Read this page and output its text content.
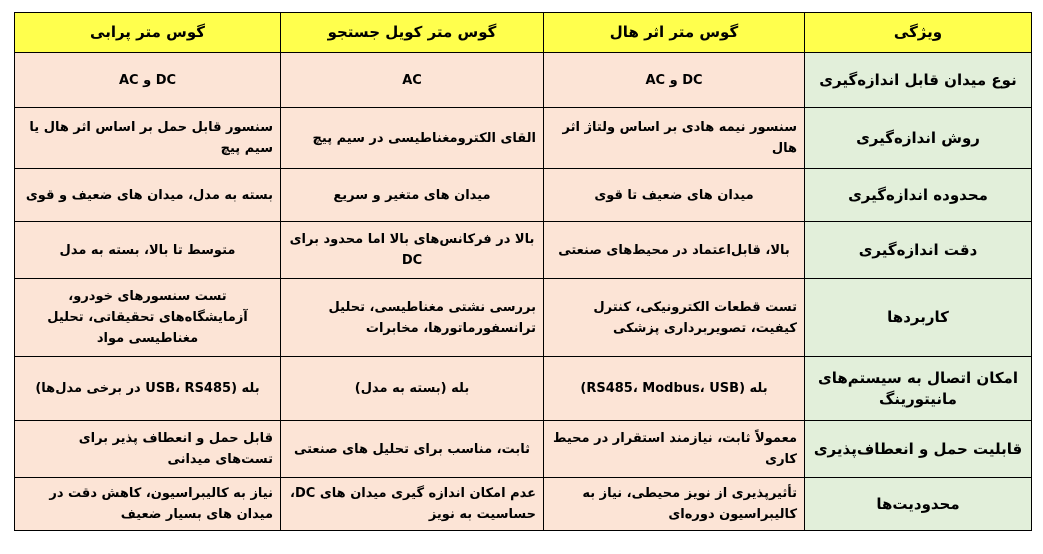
ویژگی	گوس متر اثر هال	گوس متر کویل جستجو	گوس متر پرابی
نوع میدان قابل اندازه‌گیری	DC و AC	AC	DC و AC
روش اندازه‌گیری	سنسور نیمه هادی بر اساس ولتاژ اثر هال	القای الکترومغناطیسی در سیم پیچ	سنسور قابل حمل بر اساس اثر هال یا سیم پیچ
محدوده اندازه‌گیری	میدان های ضعیف تا قوی	میدان های متغیر و سریع	بسته به مدل، میدان های ضعیف و قوی
دقت اندازه‌گیری	بالا، قابل‌اعتماد در محیط‌های صنعتی	بالا در فرکانس‌های بالا اما محدود برای DC	متوسط تا بالا، بسته به مدل
کاربردها	تست قطعات الکترونیکی، کنترل کیفیت، تصویربرداری پزشکی	بررسی نشتی مغناطیسی، تحلیل ترانسفورماتورها، مخابرات	تست سنسورهای خودرو، آزمایشگاه‌های تحقیقاتی، تحلیل مغناطیسی مواد
امکان اتصال به سیستم‌های مانیتورینگ	بله (RS485، Modbus، USB)	بله (بسته به مدل)	بله (USB، RS485 در برخی مدل‌ها)
قابلیت حمل و انعطاف‌پذیری	معمولاً ثابت، نیازمند استقرار در محیط کاری	ثابت، مناسب برای تحلیل های صنعتی	قابل حمل و انعطاف پذیر برای تست‌های میدانی
محدودیت‌ها	تأثیرپذیری از نویز محیطی، نیاز به کالیبراسیون دوره‌ای	عدم امکان اندازه گیری میدان های DC، حساسیت به نویز	نیاز به کالیبراسیون، کاهش دقت در میدان های بسیار ضعیف
